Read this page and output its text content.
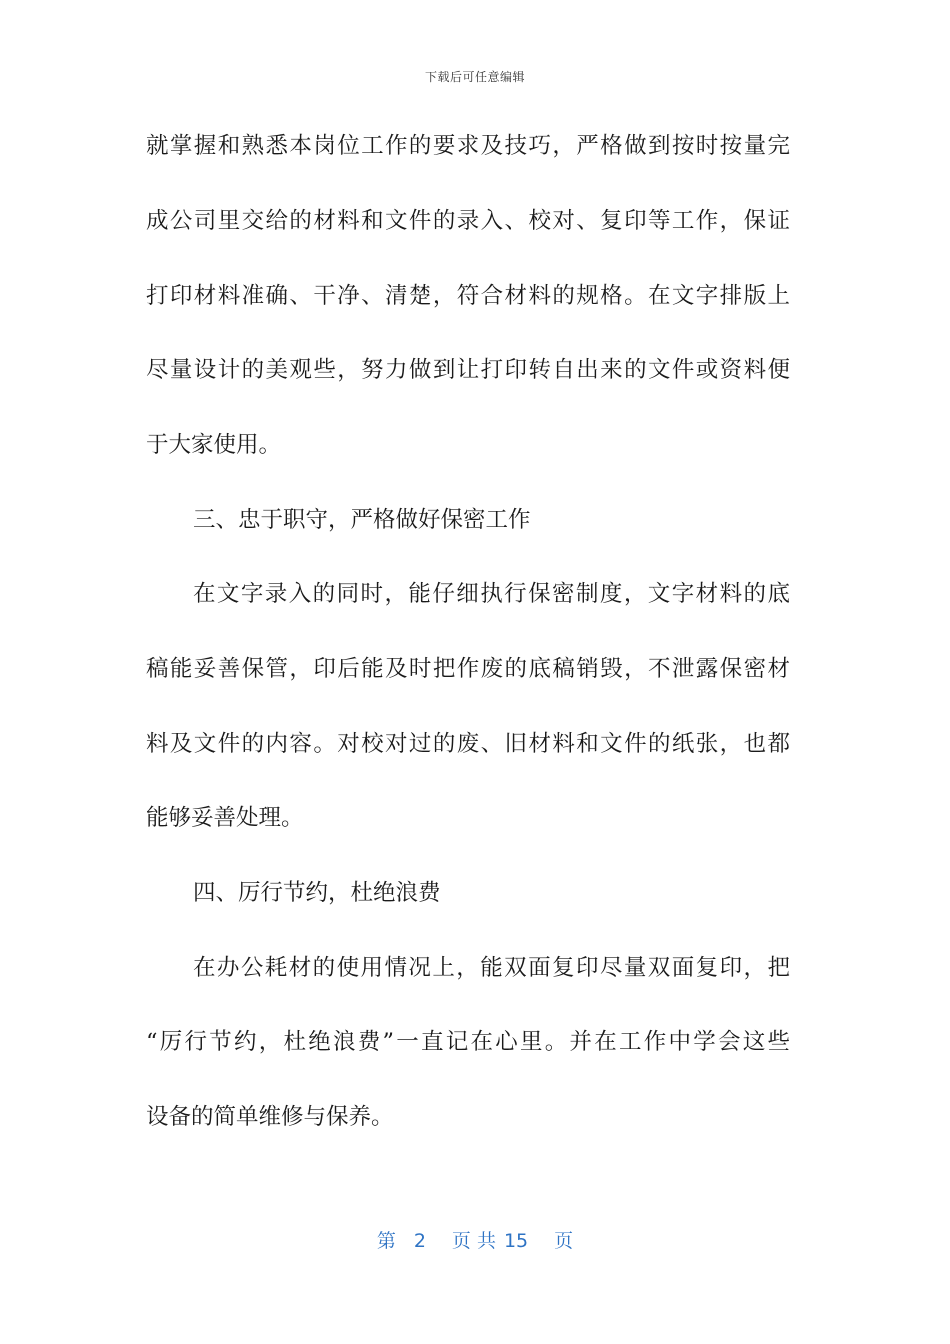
下载后可任意编辑
就掌握和熟悉本岗位工作的要求及技巧，严格做到按时按量完
成公司里交给的材料和文件的录入、校对、复印等工作，保证
打印材料准确、干净、清楚，符合材料的规格。在文字排版上
尽量设计的美观些，努力做到让打印转自出来的文件或资料便
于大家使用。
三、忠于职守，严格做好保密工作
在文字录入的同时，能仔细执行保密制度，文字材料的底
稿能妥善保管，印后能及时把作废的底稿销毁，不泄露保密材
料及文件的内容。对校对过的废、旧材料和文件的纸张，也都
能够妥善处理。
四、厉行节约，杜绝浪费
在办公耗材的使用情况上，能双面复印尽量双面复印，把
“厉行节约，杜绝浪费”一直记在心里。并在工作中学会这些
设备的简单维修与保养。
第 2 页 共 15 页
